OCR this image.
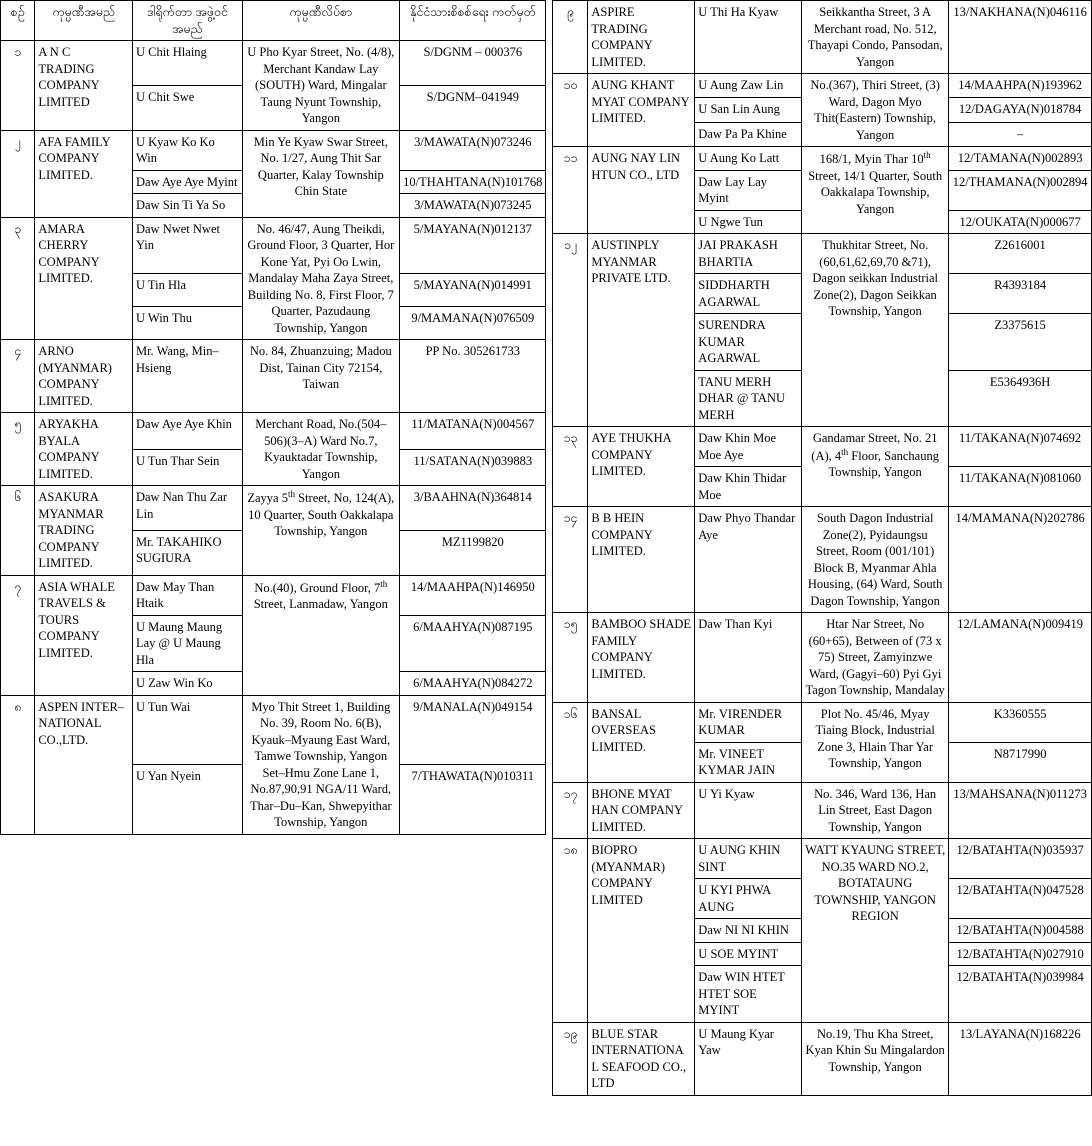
စဉ်	ကုမ္ပဏီအမည်	ဒါရိုက်တာ အဖွဲ့ဝင်အမည်	ကုမ္ပဏီလိပ်စာ	နိုင်ငံသားစိစစ်ရေး ကတ်မှတ်
၁	A N C TRADING COMPANY LIMITED	U Chit Hlaing	U Pho Kyar Street, No. (4/8), Merchant Kandaw Lay (SOUTH) Ward, Mingalar Taung Nyunt Township, Yangon	S/DGNM – 000376
		U Chit Swe		S/DGNM–041949
၂	AFA FAMILY COMPANY LIMITED.	U Kyaw Ko Ko Win	Min Ye Kyaw Swar Street, No. 1/27, Aung Thit Sar Quarter, Kalay Township Chin State	3/MAWATA(N)073246
		Daw Aye Aye Myint		10/THAHTANA(N)101768
		Daw Sin Ti Ya So		3/MAWATA(N)073245
၃	AMARA CHERRY COMPANY LIMITED.	Daw Nwet Nwet Yin	No. 46/47, Aung Theikdi, Ground Floor, 3 Quarter, Hor Kone Yat, Pyi Oo Lwin, Mandalay Maha Zaya Street, Building No. 8, First Floor, 7 Quarter, Pazudaung Township, Yangon	5/MAYANA(N)012137
		U Tin Hla		5/MAYANA(N)014991
		U Win Thu		9/MAMANA(N)076509
၄	ARNO (MYANMAR) COMPANY LIMITED.	Mr. Wang, Min–Hsieng	No. 84, Zhuanzuing; Madou Dist, Tainan City 72154, Taiwan	PP No. 305261733
၅	ARYAKHA BYALA COMPANY LIMITED.	Daw Aye Aye Khin	Merchant Road, No.(504–506)(3–A) Ward No.7, Kyauktadar Township, Yangon	11/MATANA(N)004567
		U Tun Thar Sein		11/SATANA(N)039883
၆	ASAKURA MYANMAR TRADING COMPANY LIMITED.	Daw Nan Thu Zar Lin	Zayya 5th Street, No, 124(A), 10 Quarter, South Oakkalapa Township, Yangon	3/BAAHNA(N)364814
		Mr. TAKAHIKO SUGIURA		MZ1199820
၇	ASIA WHALE TRAVELS & TOURS COMPANY LIMITED.	Daw May Than Htaik	No.(40), Ground Floor, 7th Street, Lanmadaw, Yangon	14/MAAHPA(N)146950
		U Maung Maung Lay @ U Maung Hla		6/MAAHYA(N)087195
		U Zaw Win Ko		6/MAAHYA(N)084272
၈	ASPEN INTER–NATIONAL CO.,LTD.	U Tun Wai	Myo Thit Street 1, Building No. 39, Room No. 6(B), Kyauk–Myaung East Ward, Tamwe Township, Yangon Set–Hmu Zone Lane 1, No.87,90,91 NGA/11 Ward, Thar–Du–Kan, Shwepyithar Township, Yangon	9/MANALA(N)049154
		U Yan Nyein		7/THAWATA(N)010311
၉	ASPIRE TRADING COMPANY LIMITED.	U Thi Ha Kyaw	Seikkantha Street, 3 A Merchant road, No. 512, Thayapi Condo, Pansodan, Yangon	13/NAKHANA(N)046116
၁၀	AUNG KHANT MYAT COMPANY LIMITED.	U Aung Zaw Lin	No.(367), Thiri Street, (3) Ward, Dagon Myo Thit(Eastern) Township, Yangon	14/MAAHPA(N)193962
		U San Lin Aung		12/DAGAYA(N)018784
		Daw Pa Pa Khine		–
၁၁	AUNG NAY LIN HTUN CO., LTD	U Aung Ko Latt	168/1, Myin Thar 10th Street, 14/1 Quarter, South Oakkalapa Township, Yangon	12/TAMANA(N)002893
		Daw Lay Lay Myint		12/THAMANA(N)002894
		U Ngwe Tun		12/OUKATA(N)000677
၁၂	AUSTINPLY MYANMAR PRIVATE LTD.	JAI PRAKASH BHARTIA	Thukhitar Street, No. (60,61,62,69,70 &71), Dagon seikkan Industrial Zone(2), Dagon Seikkan Township, Yangon	Z2616001
		SIDDHARTH AGARWAL		R4393184
		SURENDRA KUMAR AGARWAL		Z3375615
		TANU MERH DHAR @ TANU MERH		E5364936H
၁၃	AYE THUKHA COMPANY LIMITED.	Daw Khin Moe Moe Aye	Gandamar Street, No. 21 (A), 4th Floor, Sanchaung Township, Yangon	11/TAKANA(N)074692
		Daw Khin Thidar Moe		11/TAKANA(N)081060
၁၄	B B HEIN COMPANY LIMITED.	Daw Phyo Thandar Aye	South Dagon Industrial Zone(2), Pyidaungsu Street, Room (001/101) Block B, Myanmar Ahla Housing, (64) Ward, South Dagon Township, Yangon	14/MAMANA(N)202786
၁၅	BAMBOO SHADE FAMILY COMPANY LIMITED.	Daw Than Kyi	Htar Nar Street, No (60+65), Between of (73 x 75) Street, Zamyinzwe Ward, (Gagyi–60) Pyi Gyi Tagon Township, Mandalay	12/LAMANA(N)009419
၁၆	BANSAL OVERSEAS LIMITED.	Mr. VIRENDER KUMAR	Plot No. 45/46, Myay Tiaing Block, Industrial Zone 3, Hlain Thar Yar Township, Yangon	K3360555
		Mr. VINEET KYMAR JAIN		N8717990
၁၇	BHONE MYAT HAN COMPANY LIMITED.	U Yi Kyaw	No. 346, Ward 136, Han Lin Street, East Dagon Township, Yangon	13/MAHSANA(N)011273
၁၈	BIOPRO (MYANMAR) COMPANY LIMITED	U AUNG KHIN SINT	WATT KYAUNG STREET, NO.35 WARD NO.2, BOTATAUNG TOWNSHIP, YANGON REGION	12/BATAHTA(N)035937
		U KYI PHWA AUNG		12/BATAHTA(N)047528
		Daw NI NI KHIN		12/BATAHTA(N)004588
		U SOE MYINT		12/BATAHTA(N)027910
		Daw WIN HTET HTET SOE MYINT		12/BATAHTA(N)039984
၁၉	BLUE STAR INTERNATIONAL SEAFOOD CO., LTD	U Maung Kyar Yaw	No.19, Thu Kha Street, Kyan Khin Su Mingalardon Township, Yangon	13/LAYANA(N)168226
